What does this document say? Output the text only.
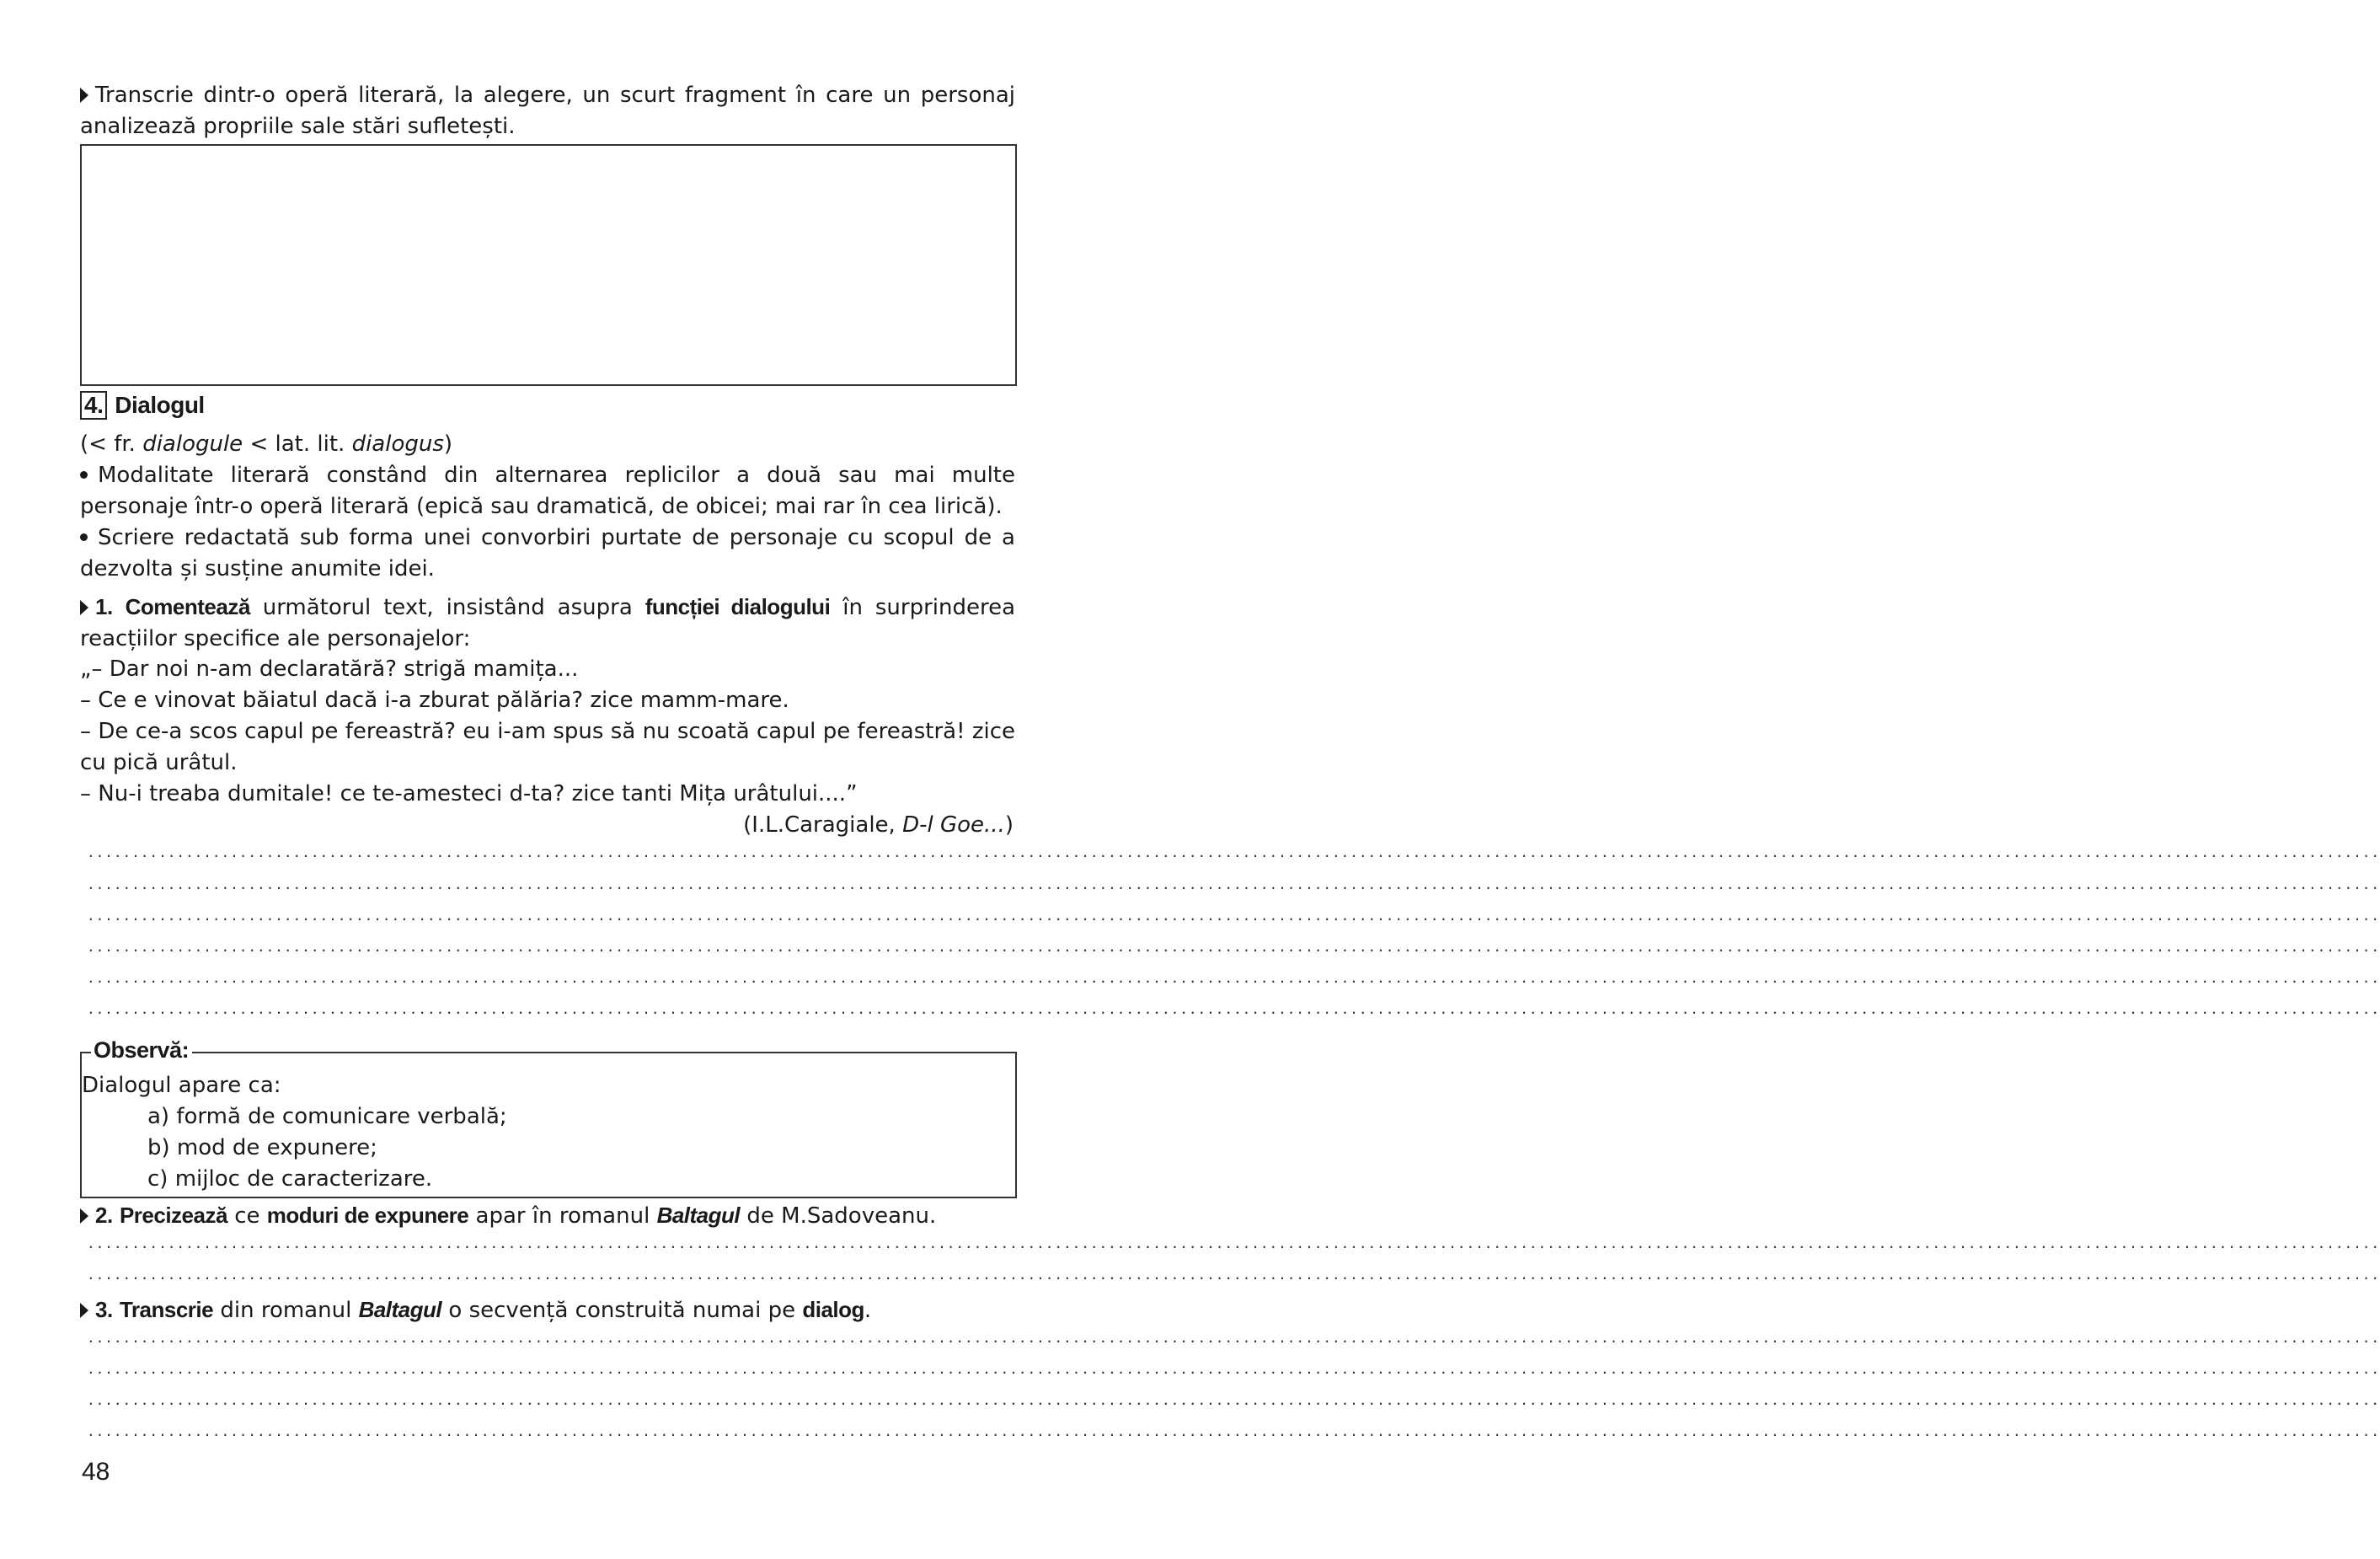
Transcrie dintr-o operă literară, la alegere, un scurt fragment în care un personaj analizează propriile sale stări sufletești.
4. Dialogul
(< fr. dialogule < lat. lit. dialogus)
Modalitate literară constând din alternarea replicilor a două sau mai multe personaje într-o operă literară (epică sau dramatică, de obicei; mai rar în cea lirică).
Scriere redactată sub forma unei convorbiri purtate de personaje cu scopul de a dezvolta și susține anumite idei.
1. Comentează următorul text, insistând asupra funcției dialogului în surprinderea reacțiilor specifice ale personajelor:
„– Dar noi n-am declaratără? strigă mamița...
– Ce e vinovat băiatul dacă i-a zburat pălăria? zice mamm-mare.
– De ce-a scos capul pe fereastră? eu i-am spus să nu scoată capul pe fereastră! zice cu pică urâtul.
– Nu-i treaba dumitale! ce te-amesteci d-ta? zice tanti Mița urâtului....”
(I.L.Caragiale, D-l Goe...)
................................................................................................................................................................................................................................................................
................................................................................................................................................................................................................................................................
................................................................................................................................................................................................................................................................
................................................................................................................................................................................................................................................................
................................................................................................................................................................................................................................................................
................................................................................................................................................................................................................................................................
Observă:
Dialogul apare ca:
a) formă de comunicare verbală;
b) mod de expunere;
c) mijloc de caracterizare.
2. Precizează ce moduri de expunere apar în romanul Baltagul de M.Sadoveanu.
................................................................................................................................................................................................................................................................
................................................................................................................................................................................................................................................................
3. Transcrie din romanul Baltagul o secvență construită numai pe dialog.
................................................................................................................................................................................................................................................................
................................................................................................................................................................................................................................................................
................................................................................................................................................................................................................................................................
................................................................................................................................................................................................................................................................
48
